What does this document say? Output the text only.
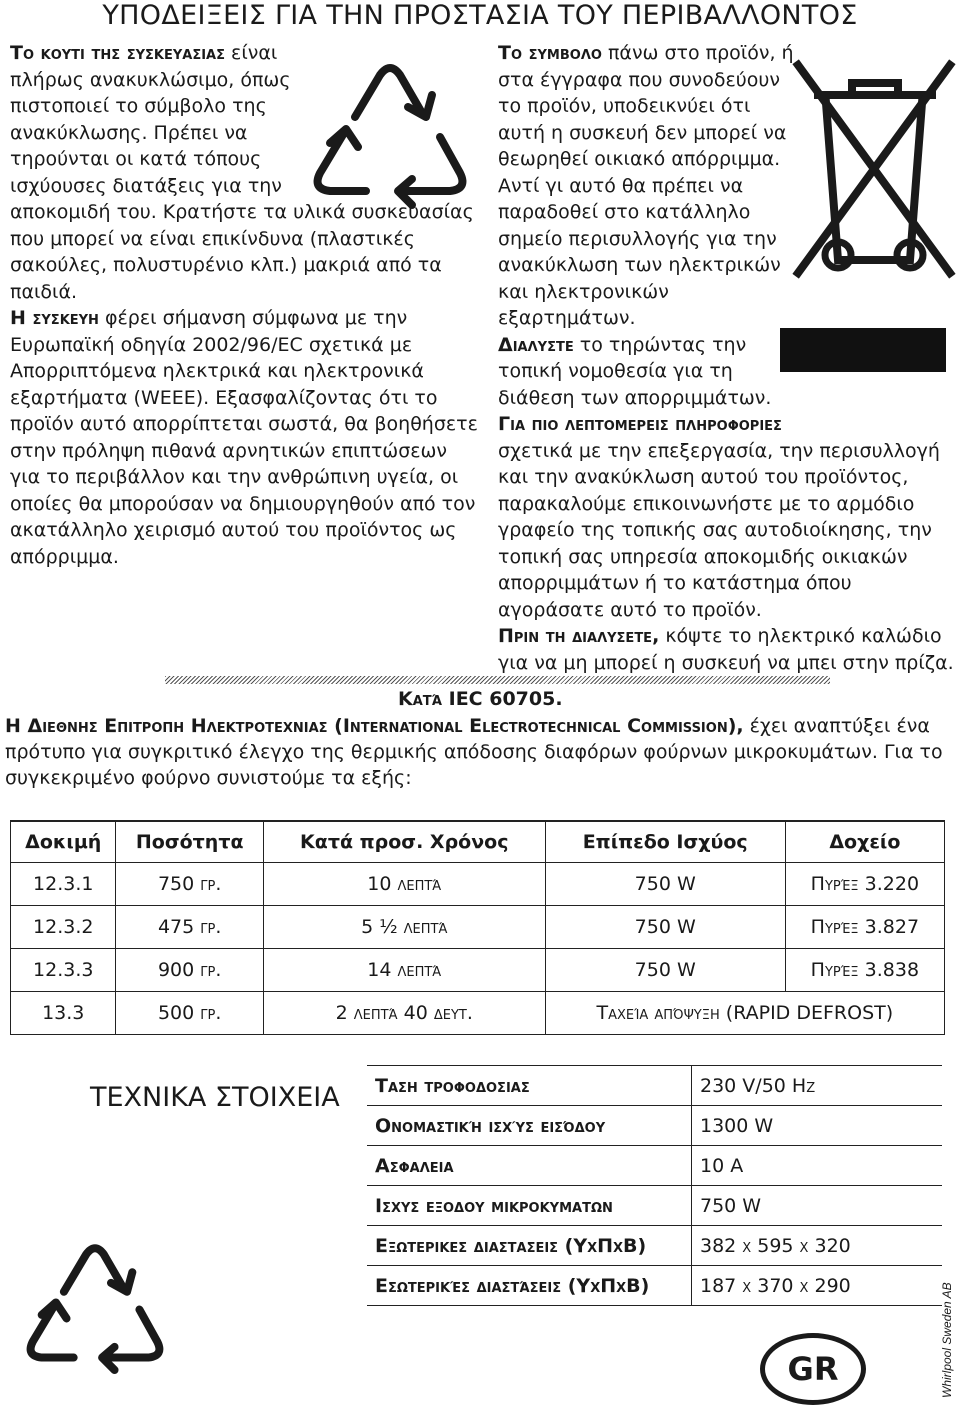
ΥΠΟΔΕΙΞΕΙΣ ΓΙΑ ΤΗΝ ΠΡΟΣΤΑΣΙΑ ΤΟΥ ΠΕΡΙΒΑΛΛΟΝΤΟΣ
Το κουτι της συσκευασιας είναι
πλήρως ανακυκλώσιμο, όπως
πιστοποιεί το σύμβολο της
ανακύκλωσης. Πρέπει να
τηρούνται οι κατά τόπους
ισχύουσες διατάξεις για την

αποκομιδή του. Κρατήστε τα υλικά συσκευασίας που μπορεί να είναι επικίνδυνα (πλαστικές σακούλες, πολυστυρένιο κλπ.) μακριά από τα παιδιά.

Η συσκευη φέρει σήμανση σύμφωνα με την Ευρωπαϊκή οδηγία 2002/96/EC σχετικά με Απορριπτόμενα ηλεκτρικά και ηλεκτρονικά εξαρτήματα (WEEE). Εξασφαλίζοντας ότι το προϊόν αυτό απορρίπτεται σωστά, θα βοηθήσετε στην πρόληψη πιθανά αρνητικών επιπτώσεων για το περιβάλλον και την ανθρώπινη υγεία, οι οποίες θα μπορούσαν να δημιουργηθούν από τον ακατάλληλο χειρισμό αυτού του προϊόντος ως απόρριμμα.

Το συμβολο πάνω στο προϊόν, ή στα έγγραφα που συνοδεύουν το προϊόν, υποδεικνύει ότι αυτή η συσκευή δεν μπορεί να θεωρηθεί οικιακό απόρριμμα. Αντί γι αυτό θα πρέπει να παραδοθεί στο κατάλληλο σημείο περισυλλογής για την ανακύκλωση των ηλεκτρικών και ηλεκτρονικών εξαρτημάτων.

Διαλυστε το τηρώντας την τοπική νομοθεσία για τη διάθεση των απορριμμάτων.

Για πιο λεπτομερεις πληροφοριες
σχετικά με την επεξεργασία, την περισυλλογή και την ανακύκλωση αυτού του προϊόντος, παρακαλούμε επικοινωνήστε με το αρμόδιο γραφείο της τοπικής σας αυτοδιοίκησης, την τοπική σας υπηρεσία αποκομιδής οικιακών απορριμμάτων ή το κατάστημα όπου αγοράσατε αυτό το προϊόν.

Πριν τη διαλυσετε, κόψτε το ηλεκτρικό καλώδιο για να μη μπορεί η συσκευή να μπει στην πρίζα.

Κατά IEC 60705.

Η Διεθνης Επιτροπη Ηλεκτροτεχνιας (International Electrotechnical Commission), έχει αναπτύξει ένα πρότυπο για συγκριτικό έλεγχο της θερμικής απόδοσης διαφόρων φούρνων μικροκυμάτων. Για το συγκεκριμένο φούρνο συνιστούμε τα εξής:

Δοκιμή	Ποσότητα	Κατά προσ. Χρόνος	Επίπεδο Ισχύος	Δοχείο
12.3.1	750 γρ.	10 λεπτά	750 W	Πυρέξ 3.220
12.3.2	475 γρ.	5 ½ λεπτά	750 W	Πυρέξ 3.827
12.3.3	900 γρ.	14 λεπτά	750 W	Πυρέξ 3.838
13.3	500 γρ.	2 λεπτά 40 δευτ.	Ταχεία απόψυξη (RAPID DEFROST)	
ΤΕΧΝΙΚΑ ΣΤΟΙΧΕΙΑ Ταση τροφοδοσιας	230 V/50 Hz
Ονομαστική ισχύς εισόδου	1300 W
Ασφαλεια	10 A
Ισχυς εξοδου μικροκυματων	750 W
Εξωτερικες διαστασεις (ΥxΠxΒ)	382 x 595 x 320
Εσωτερικές διαστάσεις (ΥxΠxΒ)	187 x 370 x 290
GR	Whirlpool Sweden AB
